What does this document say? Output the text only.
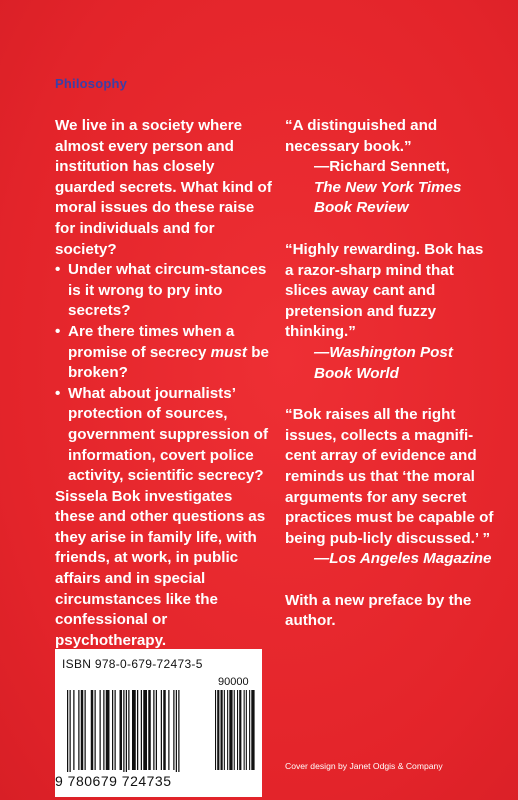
Philosophy

We live in a society where almost every person and institution has closely guarded secrets. What kind of moral issues do these raise for individuals and for society?

• Under what circum-stances is it wrong to pry into secrets?
• Are there times when a promise of secrecy must be broken?
• What about journalists’ protection of sources, government suppression of information, covert police activity, scientific secrecy?

Sissela Bok investigates these and other questions as they arise in family life, with friends, at work, in public affairs and in special circumstances like the confessional or psychotherapy.

“A distinguished and necessary book.”

—Richard Sennett,
The New York Times Book Review

“Highly rewarding. Bok has a razor-sharp mind that slices away cant and pretension and fuzzy thinking.”

—Washington Post Book World

“Bok raises all the right issues, collects a magnifi-cent array of evidence and reminds us that ‘the moral arguments for any secret practices must be capable of being pub-licly discussed.’ ”

—Los Angeles Magazine

With a new preface by the author.

ISBN 978-0-679-72473-5
90000
9 780679 724735
Cover design by Janet Odgis & Company
